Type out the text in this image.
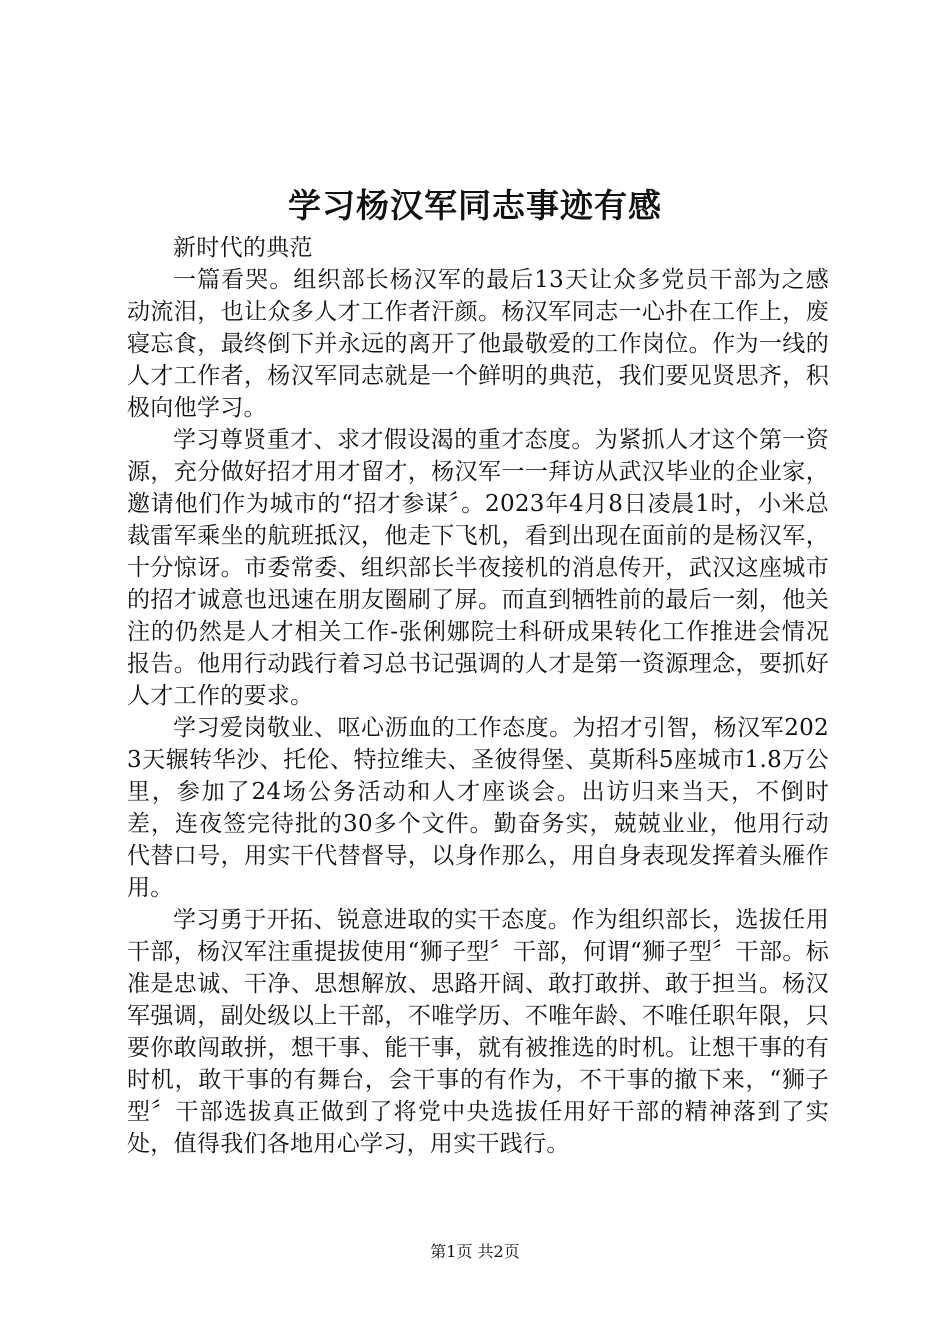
学习杨汉军同志事迹有感

新时代的典范

一篇看哭。组织部长杨汉军的最后13天让众多党员干部为之感动流泪，也让众多人才工作者汗颜。杨汉军同志一心扑在工作上，废寝忘食，最终倒下并永远的离开了他最敬爱的工作岗位。作为一线的人才工作者，杨汉军同志就是一个鲜明的典范，我们要见贤思齐，积极向他学习。

学习尊贤重才、求才假设渴的重才态度。为紧抓人才这个第一资源，充分做好招才用才留才，杨汉军一一拜访从武汉毕业的企业家，邀请他们作为城市的“招才参谋〞。2023年4月8日凌晨1时，小米总裁雷军乘坐的航班抵汉，他走下飞机，看到出现在面前的是杨汉军，十分惊讶。市委常委、组织部长半夜接机的消息传开，武汉这座城市的招才诚意也迅速在朋友圈刷了屏。而直到牺牲前的最后一刻，他关注的仍然是人才相关工作-张俐娜院士科研成果转化工作推进会情况报告。他用行动践行着习总书记强调的人才是第一资源理念，要抓好人才工作的要求。

学习爱岗敬业、呕心沥血的工作态度。为招才引智，杨汉军2023天辗转华沙、托伦、特拉维夫、圣彼得堡、莫斯科5座城市1.8万公里，参加了24场公务活动和人才座谈会。出访归来当天，不倒时差，连夜签完待批的30多个文件。勤奋务实，兢兢业业，他用行动代替口号，用实干代替督导，以身作那么，用自身表现发挥着头雁作用。

学习勇于开拓、锐意进取的实干态度。作为组织部长，选拔任用干部，杨汉军注重提拔使用“狮子型〞干部，何谓“狮子型〞干部。标准是忠诚、干净、思想解放、思路开阔、敢打敢拼、敢于担当。杨汉军强调，副处级以上干部，不唯学历、不唯年龄、不唯任职年限，只要你敢闯敢拼，想干事、能干事，就有被推选的时机。让想干事的有时机，敢干事的有舞台，会干事的有作为，不干事的撤下来，“狮子型〞干部选拔真正做到了将党中央选拔任用好干部的精神落到了实处，值得我们各地用心学习，用实干践行。

第1页 共2页
